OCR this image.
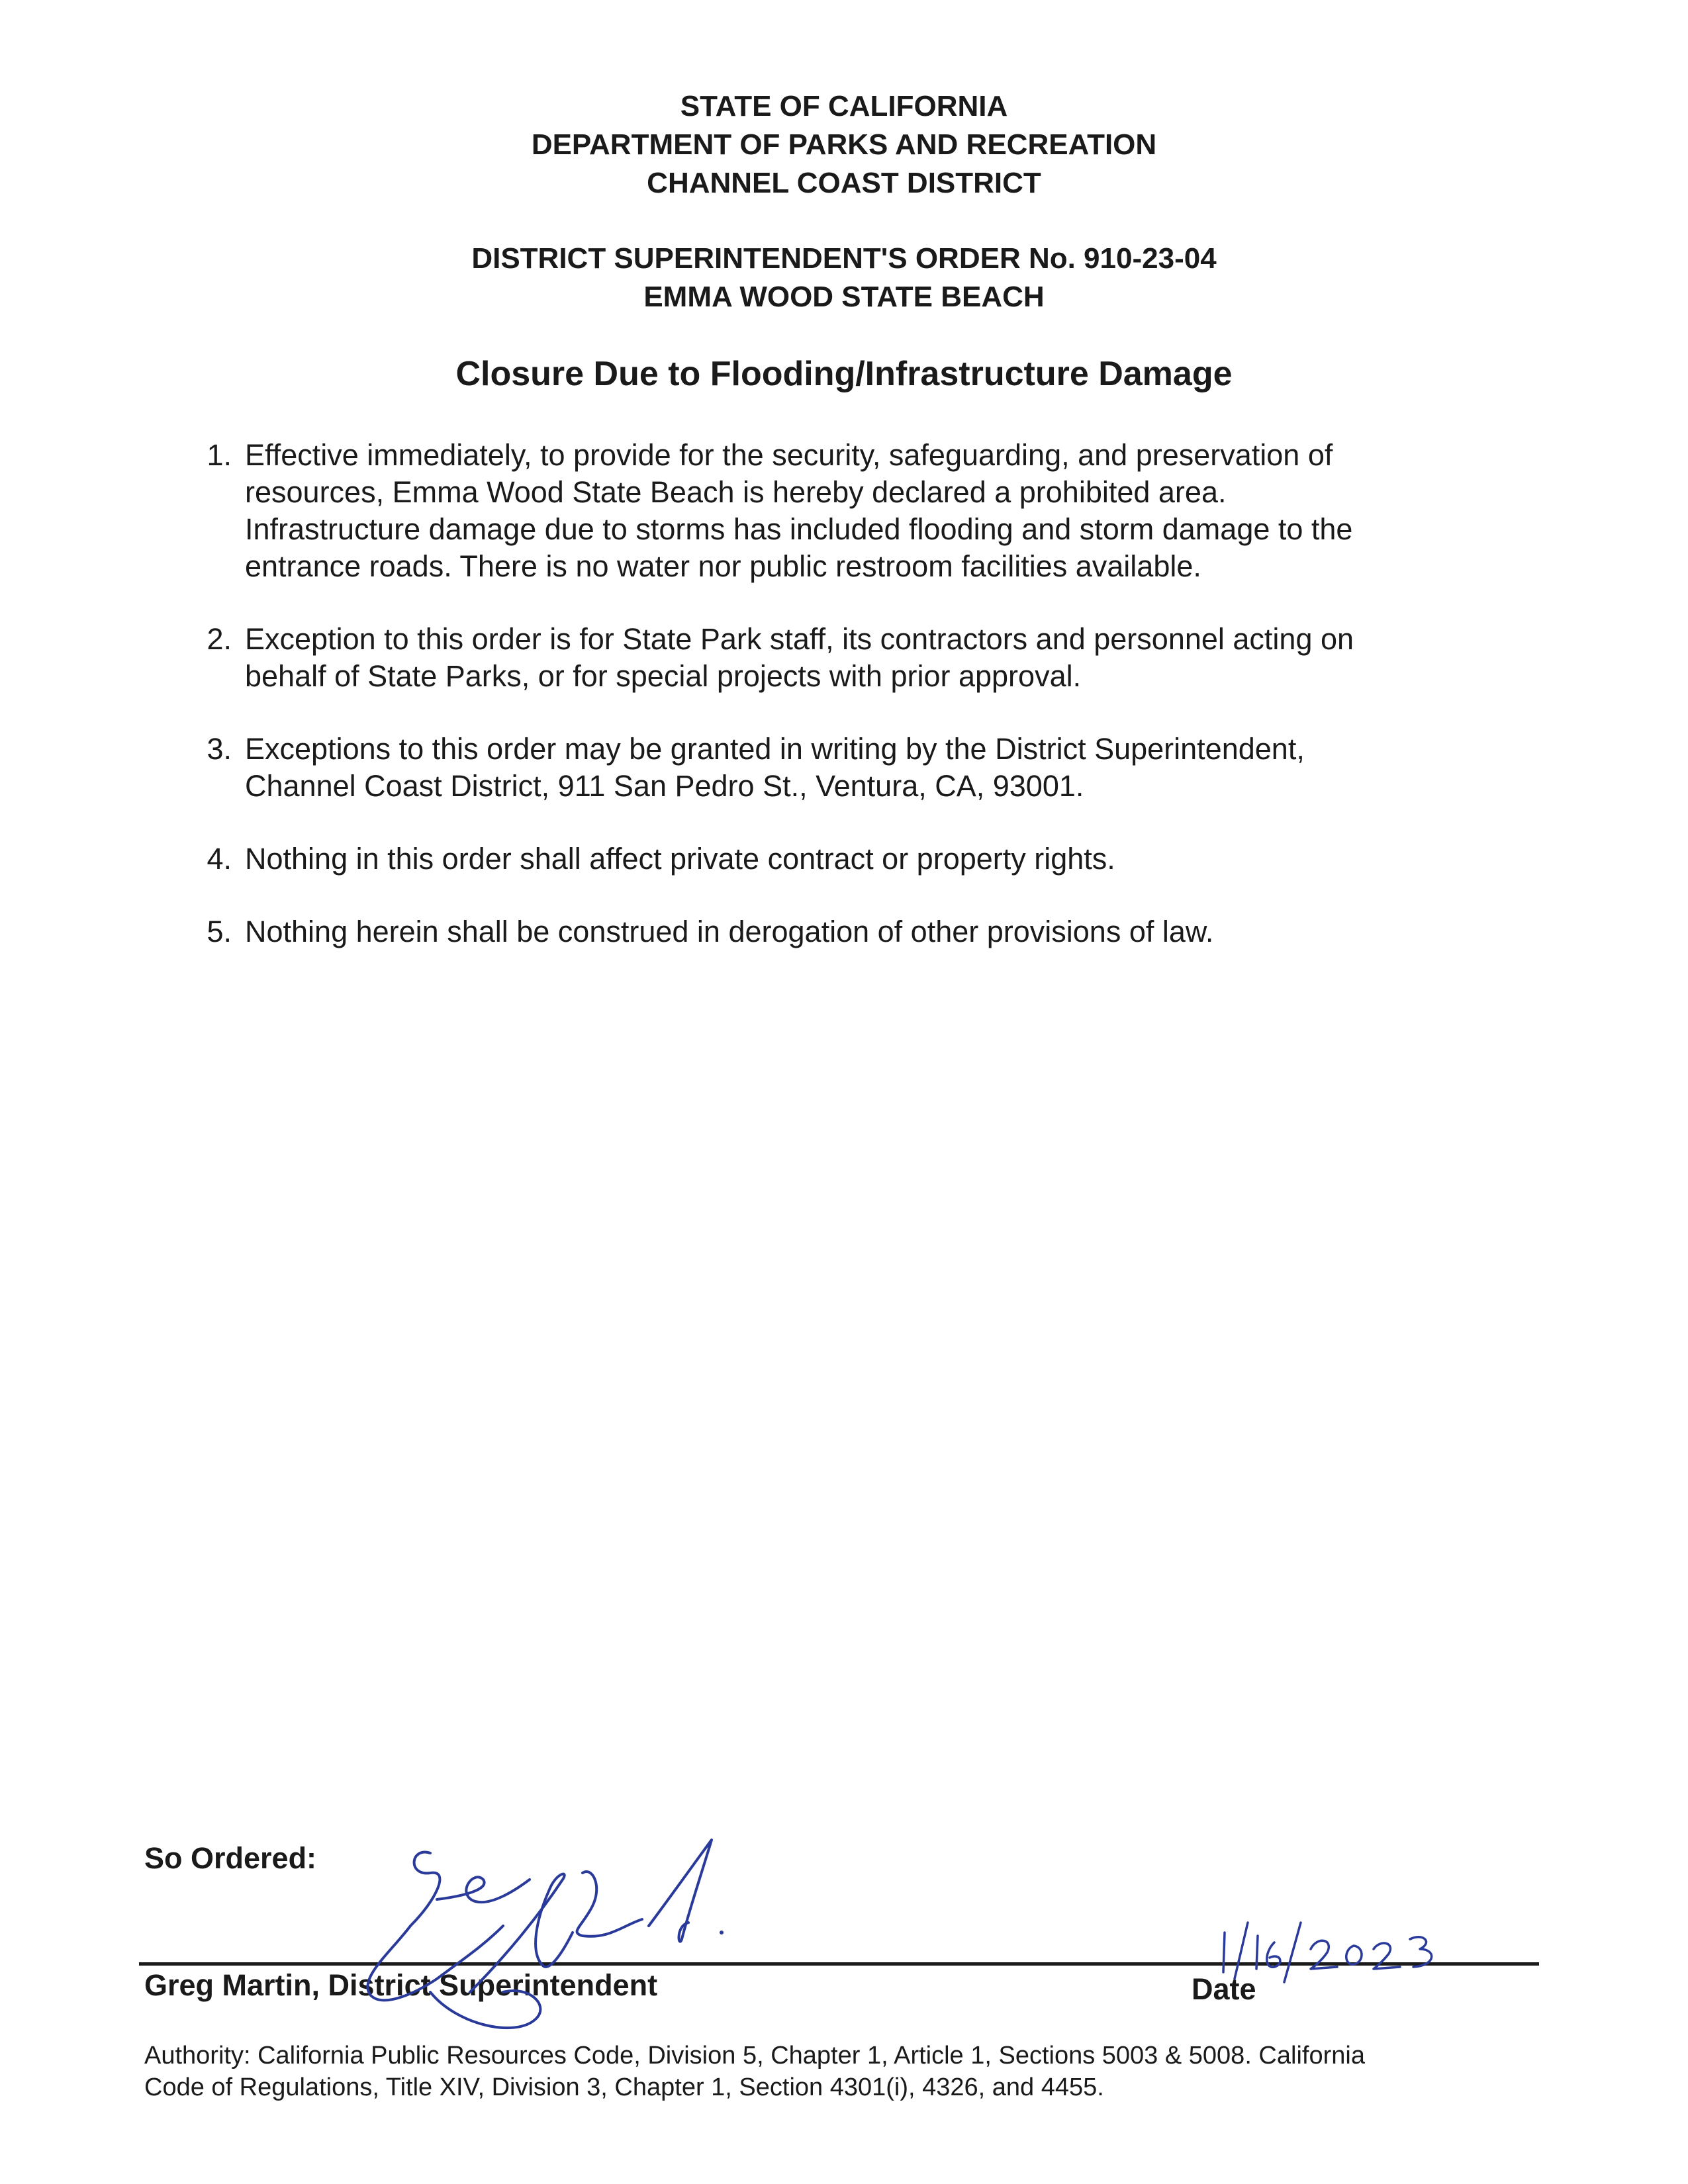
STATE OF CALIFORNIA
DEPARTMENT OF PARKS AND RECREATION
CHANNEL COAST DISTRICT
DISTRICT SUPERINTENDENT'S ORDER No. 910-23-04
EMMA WOOD STATE BEACH
Closure Due to Flooding/Infrastructure Damage
1. Effective immediately, to provide for the security, safeguarding, and preservation of
resources, Emma Wood State Beach is hereby declared a prohibited area.
Infrastructure damage due to storms has included flooding and storm damage to the
entrance roads. There is no water nor public restroom facilities available.
2. Exception to this order is for State Park staff, its contractors and personnel acting on
behalf of State Parks, or for special projects with prior approval.
3. Exceptions to this order may be granted in writing by the District Superintendent,
Channel Coast District, 911 San Pedro St., Ventura, CA, 93001.
4. Nothing in this order shall affect private contract or property rights.
5. Nothing herein shall be construed in derogation of other provisions of law.
So Ordered:
Greg Martin, District Superintendent	Date
Authority: California Public Resources Code, Division 5, Chapter 1, Article 1, Sections 5003 & 5008. California
Code of Regulations, Title XIV, Division 3, Chapter 1, Section 4301(i), 4326, and 4455.
